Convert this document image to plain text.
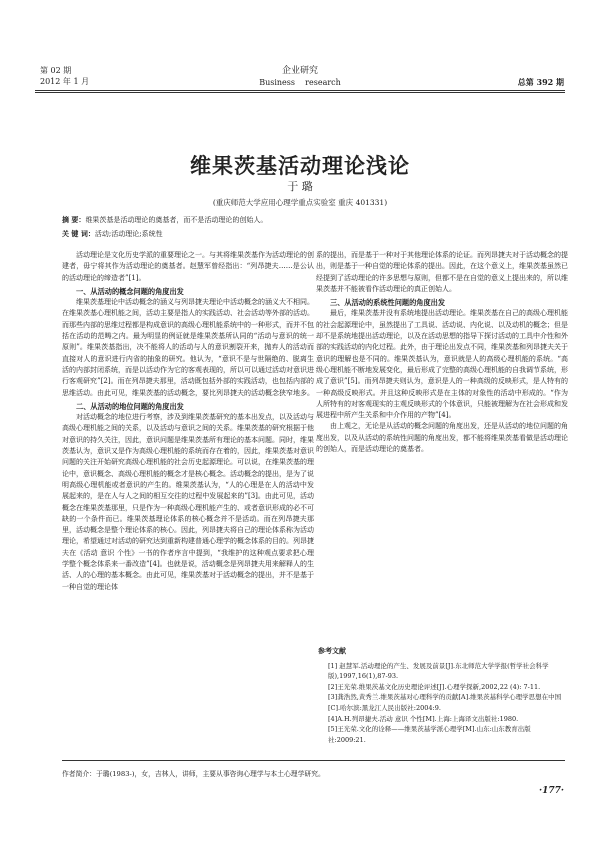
第 02 期
2012 年 1 月
企业研究
Business    research	总第 392 期
维果茨基活动理论浅论
于 璐
(重庆师范大学应用心理学重点实验室 重庆 401331)
摘 要：维果茨基是活动理论的奠基者，而不是活动理论的创始人。
关 键 词：活动;活动理论;系统性

活动理论是文化历史学派的重要理论之一。与其将维果茨基作为活动理论的创建者，毋宁将其作为活动理论的奠基者。赵慧军曾经指出：“列昂捷夫……是公认的活动理论的缔造者”[1]。

一、从活动的概念问题的角度出发

维果茨基理论中活动概念的涵义与列昂捷夫理论中活动概念的涵义大不相同。在维果茨基心理机能之间，活动主要是指人的实践活动、社会活动等外部的活动。而那些内部的思维过程都是构成意识的高级心理机能系统中的一种形式，而并不包括在活动的范畴之内。最为明显的例证就是维果茨基所认同的“活动与意识的统一原则”。维果茨基指出，决不能将人的活动与人的意识割裂开来，抛弃人的活动而直接对人的意识进行内省的抽象的研究。他认为，“意识不是与世隔绝的、脱离生活的内部封闭系统，而是以活动作为它的客观表现的，所以可以通过活动对意识进行客观研究”[2]。而在列昂捷夫那里，活动既包括外部的实践活动，也包括内部的思维活动。由此可见，维果茨基的活动概念，要比列昂捷夫的活动概念狭窄地多。

二、从活动的地位问题的角度出发

对活动概念的地位进行考察，涉及到维果茨基研究的基本出发点，以及活动与高级心理机能之间的关系，以及活动与意识之间的关系。维果茨基的研究根据于他对意识的持久关注，因此，意识问题是维果茨基所有理论的基本问题。同时，维果茨基认为，意识又是作为高级心理机能的系统而存在着的，因此，维果茨基对意识问题的关注开始研究高级心理机能的社会历史起源理论。可以说，在维果茨基的理论中，意识概念、高级心理机能的概念才是核心概念。活动概念的提出，是为了说明高级心理机能或者意识的产生的。维果茨基认为，“人的心理是在人的活动中发展起来的，是在人与人之间的相互交往的过程中发展起来的”[3]。由此可见，活动概念在维果茨基那里，只是作为一种高级心理机能产生的、或者意识形成的必不可缺的一个条件而已。维果茨基理论体系的核心概念并不是活动。而在列昂捷夫那里，活动概念是整个理论体系的核心。因此，列昂捷夫将自己的理论体系称为活动理论，希望通过对活动的研究达到重新构建普通心理学的概念体系的目的。列昂捷夫在《活动 意识 个性》一书的作者序言中提到，“我维护的这种观点要求把心理学整个概念体系来一番改造”[4]。也就是说，活动概念是列昂捷夫用来解释人的生活、人的心理的基本概念。由此可见，维果茨基对于活动概念的提出，并不是基于一种自觉的理论体

系的提出，而是基于一种对于其他理论体系的论证。而列昂捷夫对于活动概念的提出，则是基于一种自觉的理论体系的提出。因此，在这个意义上，维果茨基虽然已经提到了活动理论的许多思想与原则，但都不是在自觉的意义上提出来的，所以维果茨基并不能被看作活动理论的真正创始人。

三、从活动的系统性问题的角度出发

最后，维果茨基并没有系统地提出活动理论。维果茨基在自己的高级心理机能的社会起源理论中，虽然提出了工具说、活动说、内化说、以及动机的概念；但是却不是系统地提出活动理论，以及在活动思想的指导下探讨活动的工具中介性和外部的实践活动的内化过程。此外，由于理论出发点不同，维果茨基和列昂捷夫关于意识的理解也是不同的。维果茨基认为，意识就是人的高级心理机能的系统。“高级心理机能不断地发展变化，最后形成了完整的高级心理机能的自我调节系统，形成了意识”[5]。而列昂捷夫则认为，意识是人的一种高级的反映形式，是人特有的一种高级反映形式。并且这种反映形式是在主体的对象性的活动中形成的。“作为人所特有的对客观现实的主观反映形式的个体意识，只能被理解为在社会形成和发展进程中所产生关系和中介作用的产物”[4]。

由上观之，无论是从活动的概念问题的角度出发，还是从活动的地位问题的角度出发，以及从活动的系统性问题的角度出发，都不能将维果茨基看做是活动理论的创始人，而是活动理论的奠基者。

参考文献
[1] 赵慧军.活动理论的产生、发展及前景[J].东北师范大学学报(哲学社会科学版),1997,16(1),87-93.
[2]王光荣.维果茨基文化历史理论评述[J].心理学探新,2002,22 (4): 7-11.
[3]龚浩然,黄秀兰.维果茨基对心理科学的贡献[A].维果茨基科学心理学思想在中国[C].哈尔滨:黑龙江人民出版社:2004:9.
[4]A.H.列昂捷夫.活动 意识 个性[M].上海:上海译文出版社:1980.
[5]王光荣.文化的诠释——维果茨基学派心理学[M].山东:山东教育出版社:2009:21.
作者简介：于璐(1983-)，女，吉林人，讲师，主要从事咨询心理学与本土心理学研究。
·177·
